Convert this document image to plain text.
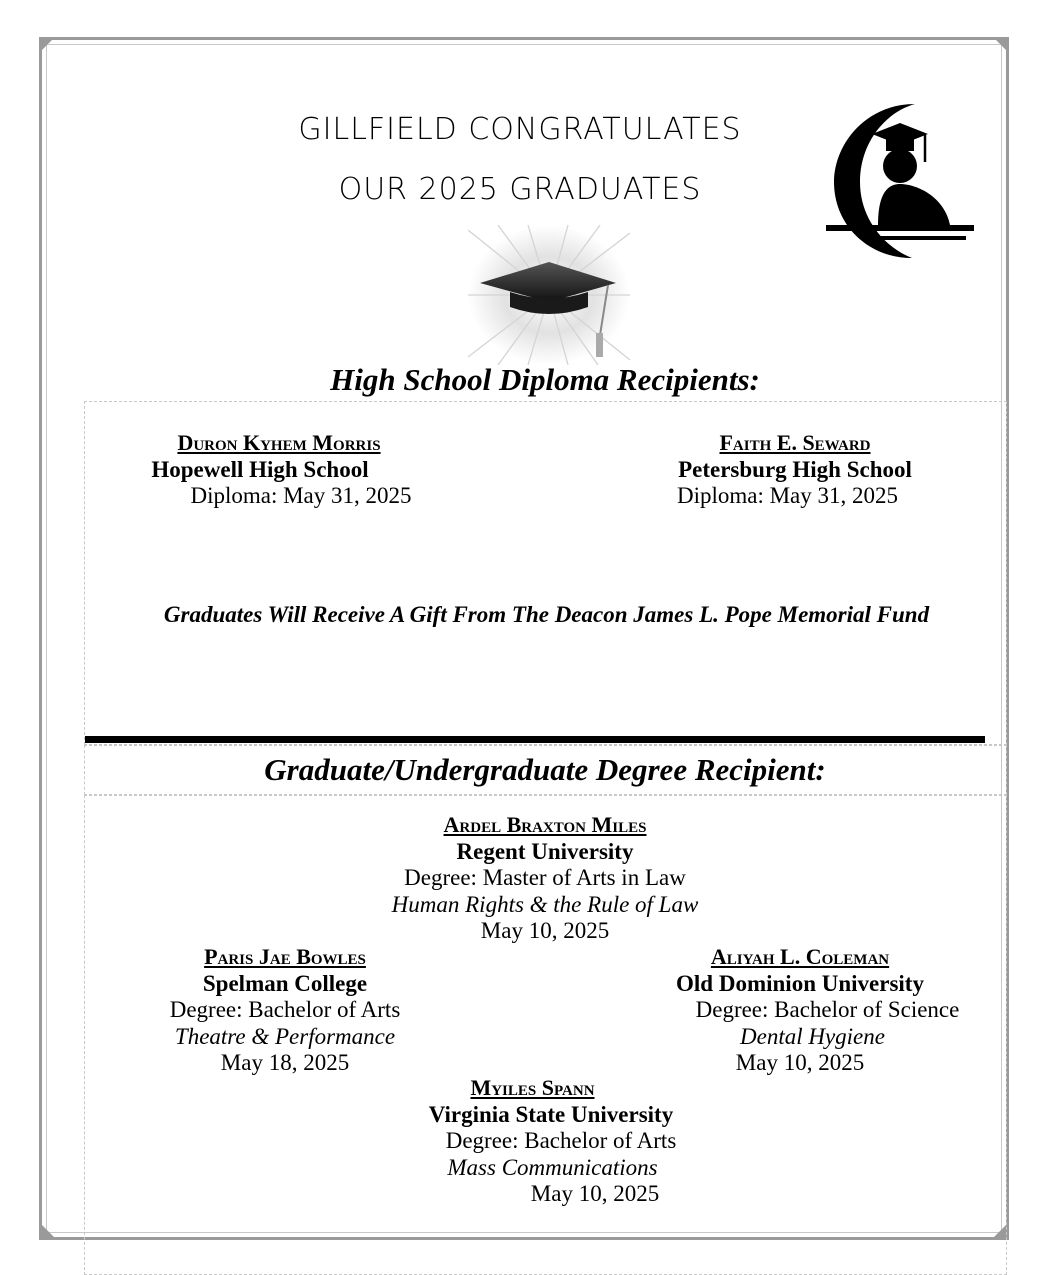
GILLFIELD CONGRATULATES
OUR 2025 GRADUATES
High School Diploma Recipients:
Duron Kyhem Morris
Hopewell High School
Diploma: May 31, 2025
Faith E. Seward
Petersburg High School
Diploma: May 31, 2025
Graduates Will Receive A Gift From The Deacon James L. Pope Memorial Fund
Graduate/Undergraduate Degree Recipient:
Ardel Braxton Miles
Regent University
Degree: Master of Arts in Law
Human Rights & the Rule of Law
May 10, 2025
Paris Jae Bowles
Spelman College
Degree: Bachelor of Arts
Theatre & Performance
May 18, 2025
Aliyah L. Coleman
Old Dominion University
Degree: Bachelor of Science
Dental Hygiene
May 10, 2025
Myiles Spann
Virginia State University
Degree: Bachelor of Arts
Mass Communications
May 10, 2025
